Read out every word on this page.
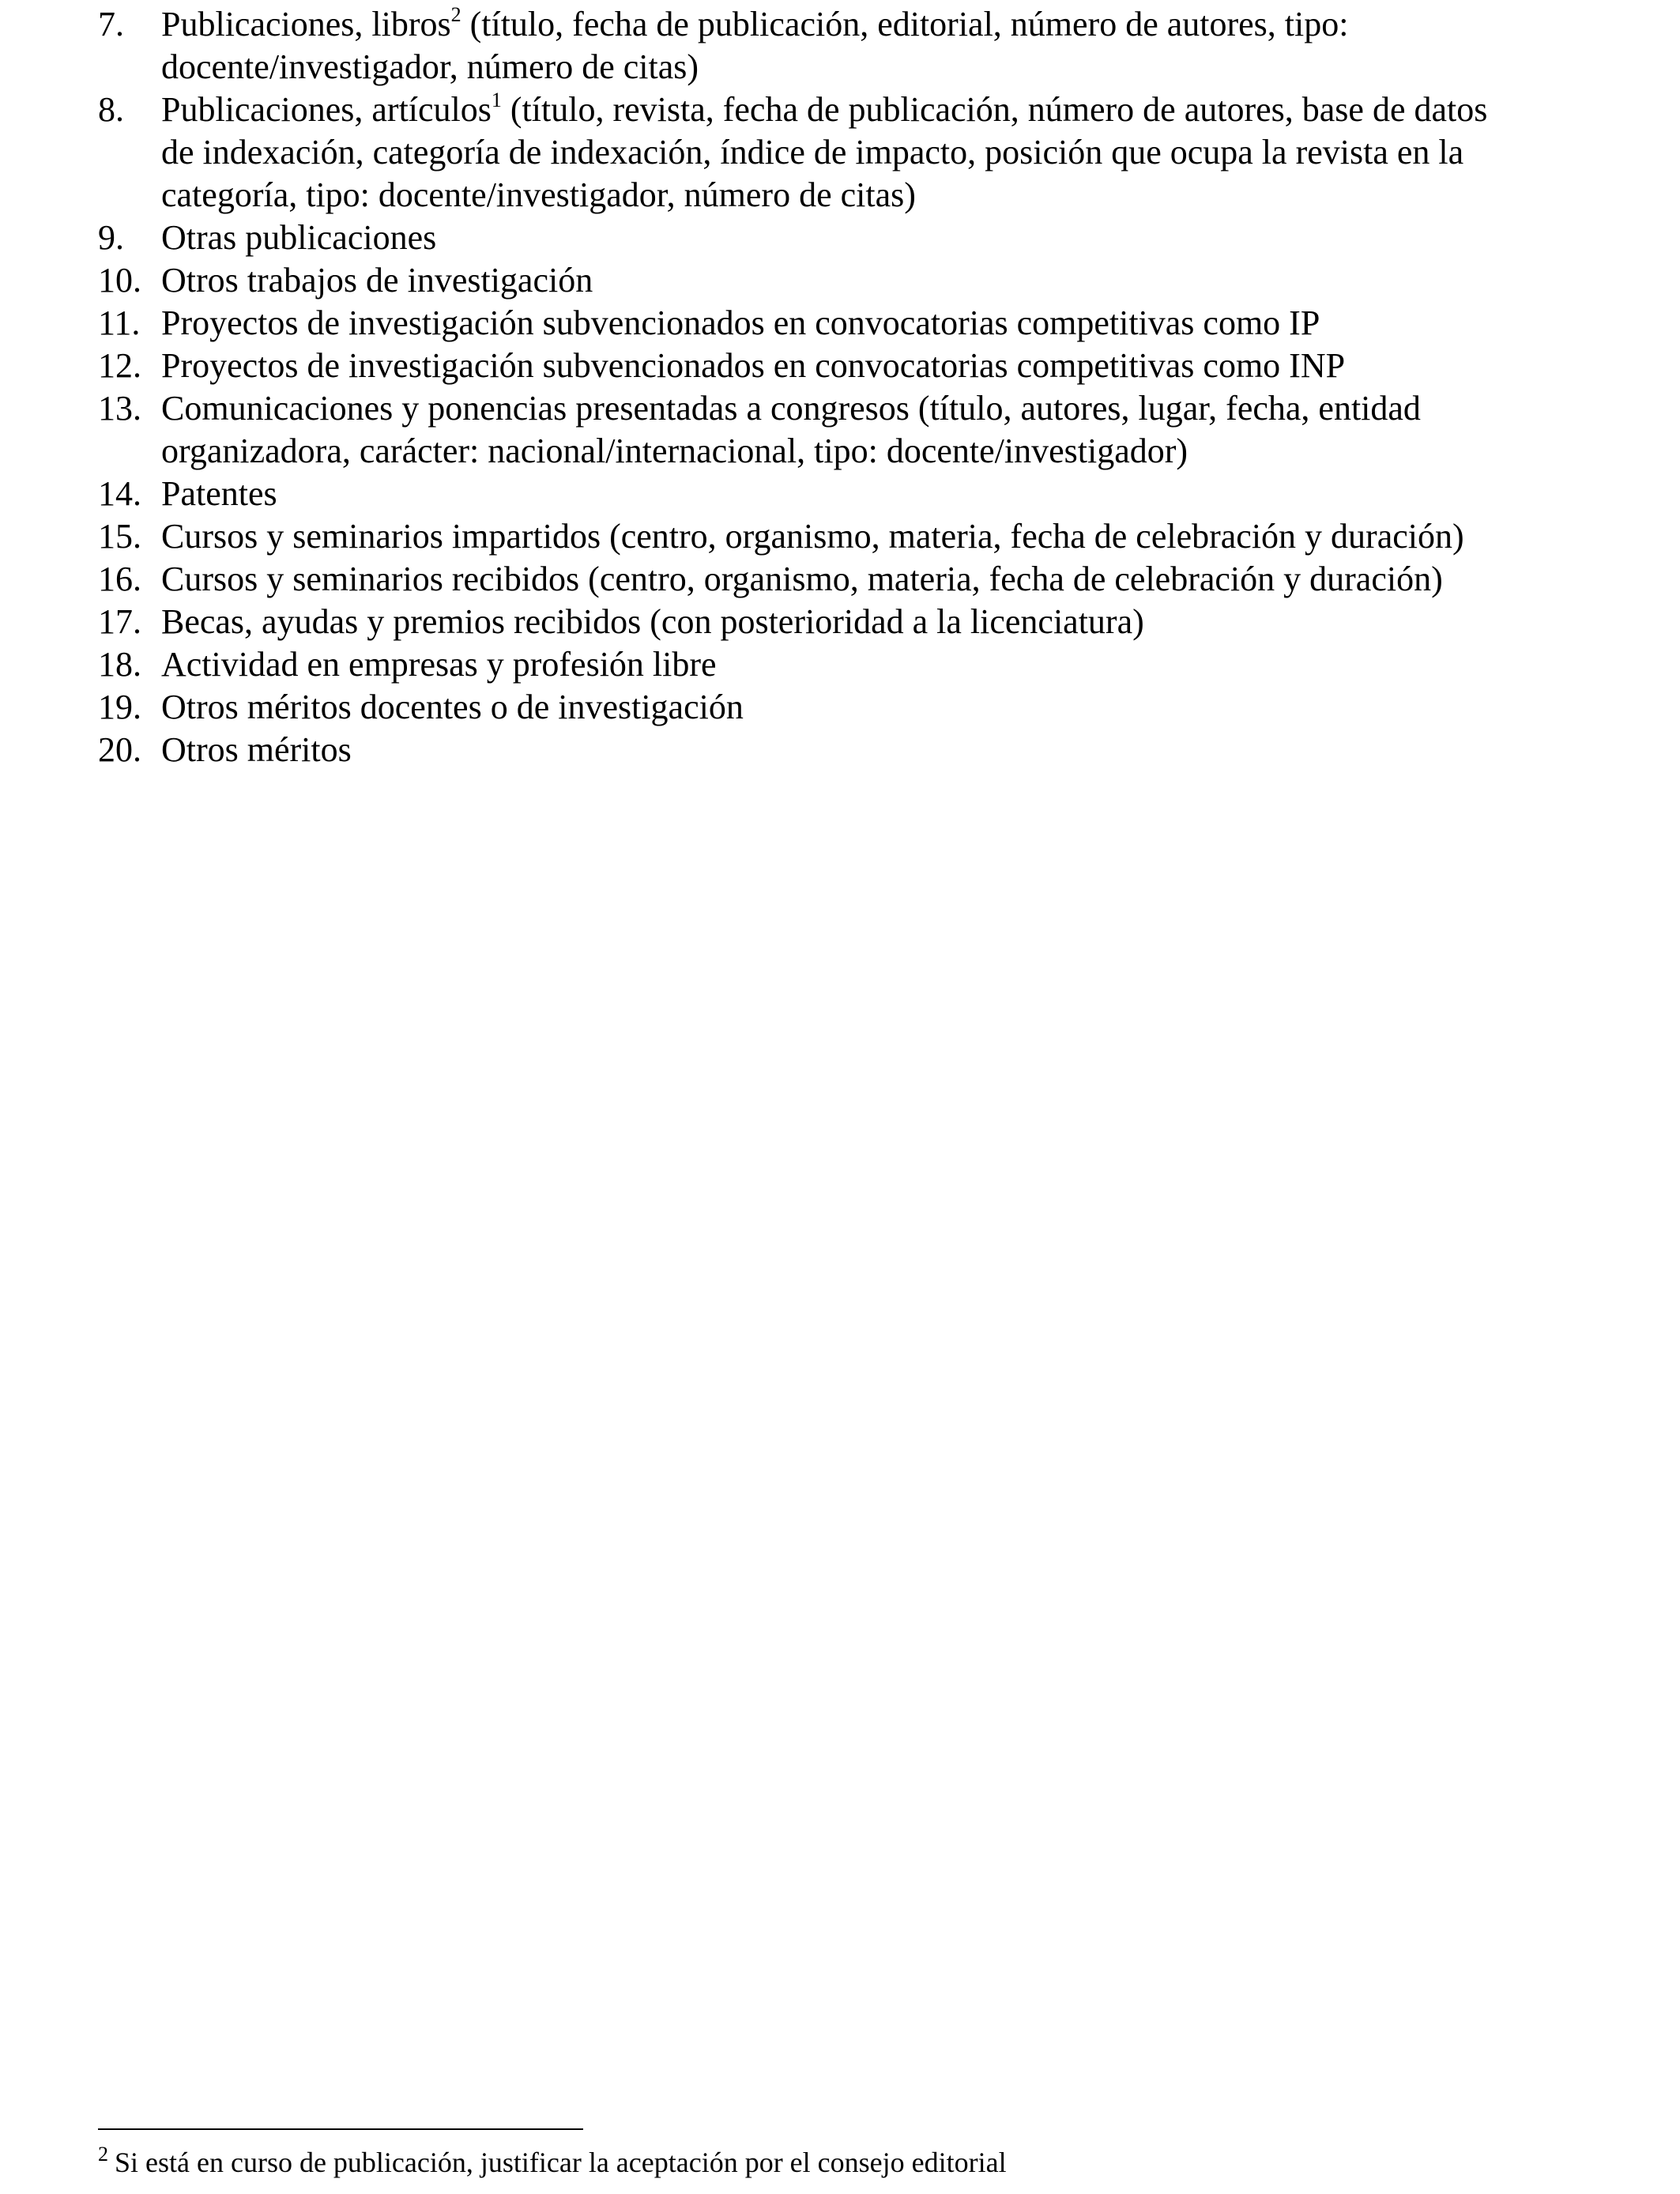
7. Publicaciones, libros$^2$ (título, fecha de publicación, editorial, número de autores, tipo:
docente/investigador, número de citas)
8. Publicaciones, artículos$^1$ (título, revista, fecha de publicación, número de autores, base de datos
de indexación, categoría de indexación, índice de impacto, posición que ocupa la revista en la
categoría, tipo: docente/investigador, número de citas)
9. Otras publicaciones
10. Otros trabajos de investigación
11. Proyectos de investigación subvencionados en convocatorias competitivas como IP
12. Proyectos de investigación subvencionados en convocatorias competitivas como INP
13. Comunicaciones y ponencias presentadas a congresos (título, autores, lugar, fecha, entidad
organizadora, carácter: nacional/internacional, tipo: docente/investigador)
14. Patentes
15. Cursos y seminarios impartidos (centro, organismo, materia, fecha de celebración y duración)
16. Cursos y seminarios recibidos (centro, organismo, materia, fecha de celebración y duración)
17. Becas, ayudas y premios recibidos (con posterioridad a la licenciatura)
18. Actividad en empresas y profesión libre
19. Otros méritos docentes o de investigación
20. Otros méritos
$^2$ Si está en curso de publicación, justificar la aceptación por el consejo editorial
